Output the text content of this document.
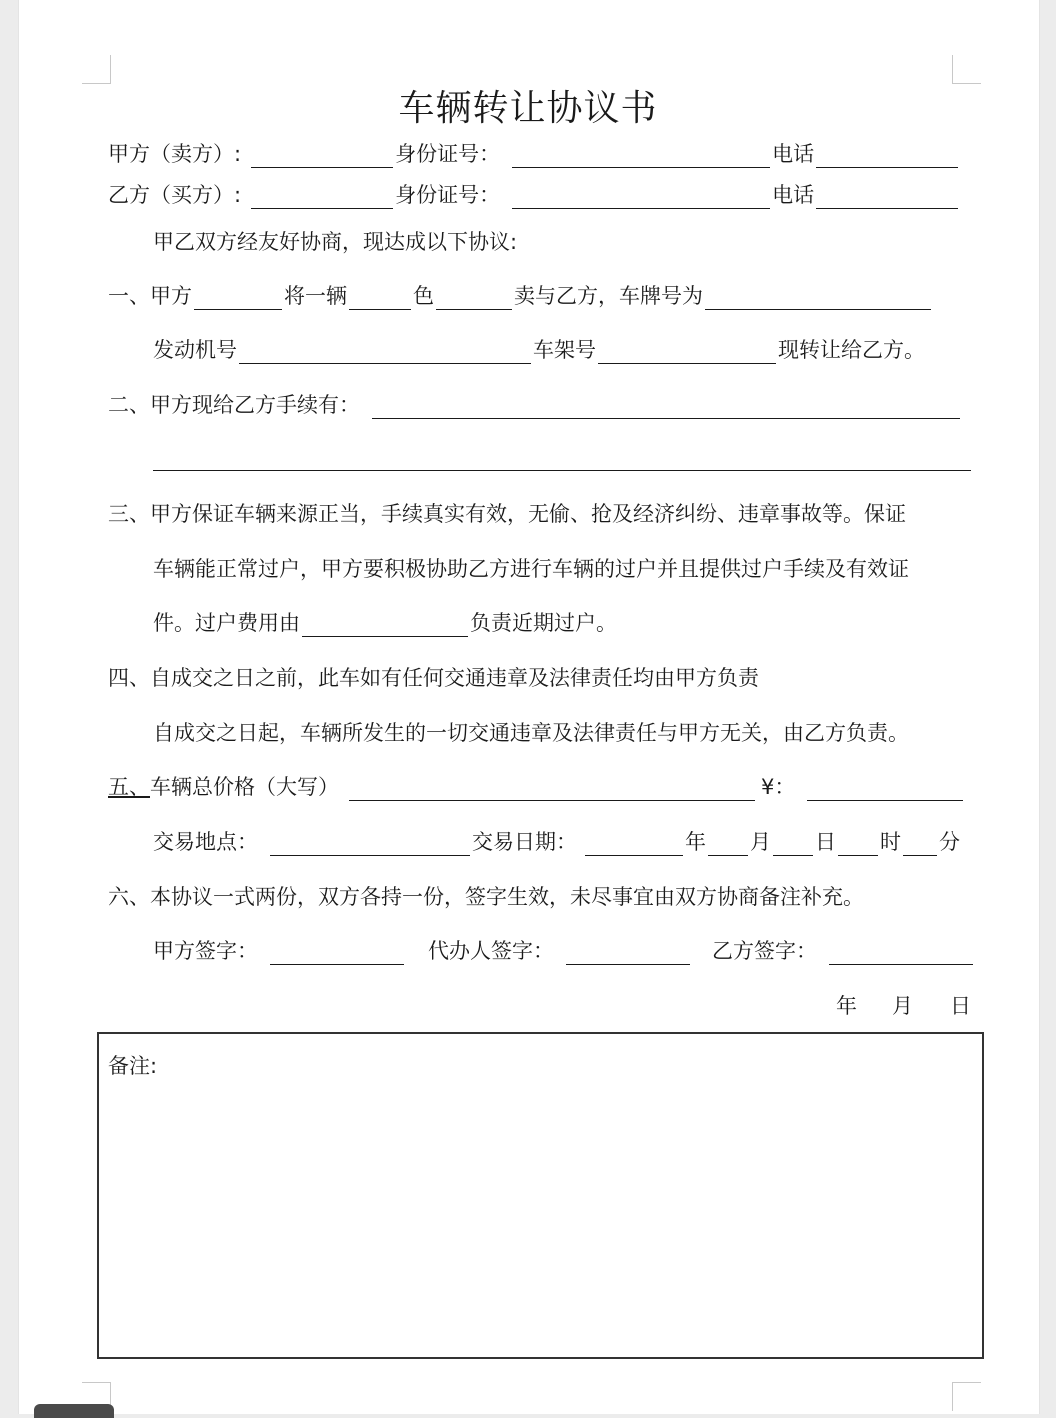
车辆转让协议书
甲方（卖方）:	身份证号：	电话
乙方（买方）:	身份证号：	电话
甲乙双方经友好协商，现达成以下协议:
一、甲方	将一辆	色	卖与乙方，车牌号为
发动机号	车架号	现转让给乙方。
二、甲方现给乙方手续有：
三、甲方保证车辆来源正当，手续真实有效，无偷、抢及经济纠纷、违章事故等。保证
车辆能正常过户，甲方要积极协助乙方进行车辆的过户并且提供过户手续及有效证
件。过户费用由	负责近期过户。
四、自成交之日之前，此车如有任何交通违章及法律责任均由甲方负责
自成交之日起，车辆所发生的一切交通违章及法律责任与甲方无关，由乙方负责。
五、 车辆总价格（大写）	¥：
交易地点：	交易日期：	年 月 日 时 分
六、本协议一式两份，双方各持一份，签字生效，未尽事宜由双方协商备注补充。
甲方签字：	代办人签字：	乙方签字：
年 月 日
备注:
